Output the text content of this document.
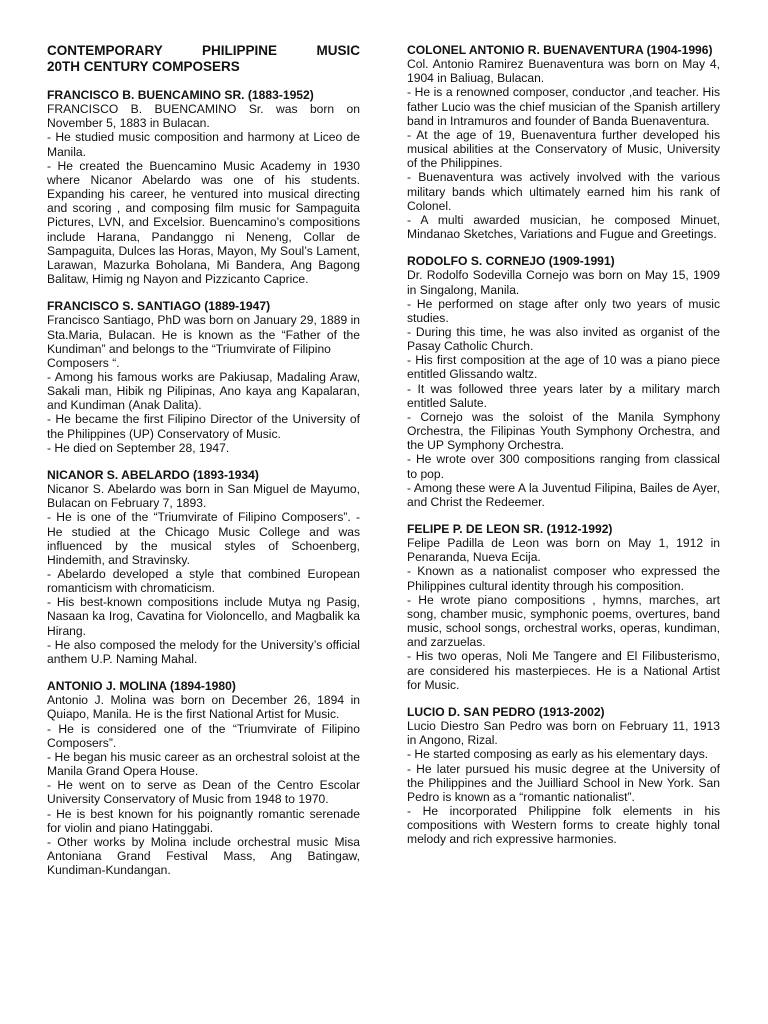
CONTEMPORARY PHILIPPINE MUSIC
20TH CENTURY COMPOSERS

FRANCISCO B. BUENCAMINO SR. (1883-1952)

FRANCISCO B. BUENCAMINO Sr. was born on November 5, 1883 in Bulacan.

- He studied music composition and harmony at Liceo de Manila.

- He created the Buencamino Music Academy in 1930 where Nicanor Abelardo was one of his students. Expanding his career, he ventured into musical directing and scoring , and composing film music for Sampaguita Pictures, LVN, and Excelsior. Buencamino’s compositions include Harana, Pandanggo ni Neneng, Collar de Sampaguita, Dulces las Horas, Mayon, My Soul’s Lament, Larawan, Mazurka Boholana, Mi Bandera, Ang Bagong Balitaw, Himig ng Nayon and Pizzicanto Caprice.

FRANCISCO S. SANTIAGO (1889-1947)

Francisco Santiago, PhD was born on January 29, 1889 in Sta.Maria, Bulacan. He is known as the “Father of the Kundiman” and belongs to the “Triumvirate of Filipino

Composers “.

- Among his famous works are Pakiusap, Madaling Araw, Sakali man, Hibik ng Pilipinas, Ano kaya ang Kapalaran, and Kundiman (Anak Dalita).

- He became the first Filipino Director of the University of the Philippines (UP) Conservatory of Music.

- He died on September 28, 1947.

NICANOR S. ABELARDO (1893-1934)

Nicanor S. Abelardo was born in San Miguel de Mayumo, Bulacan on February 7, 1893.

- He is one of the “Triumvirate of Filipino Composers”. - He studied at the Chicago Music College and was influenced by the musical styles of Schoenberg, Hindemith, and Stravinsky.

- Abelardo developed a style that combined European romanticism with chromaticism.

- His best-known compositions include Mutya ng Pasig, Nasaan ka Irog, Cavatina for Violoncello, and Magbalik ka Hirang.

- He also composed the melody for the University’s official anthem U.P. Naming Mahal.

ANTONIO J. MOLINA (1894-1980)

Antonio J. Molina was born on December 26, 1894 in Quiapo, Manila. He is the first National Artist for Music.

- He is considered one of the “Triumvirate of Filipino Composers”.

- He began his music career as an orchestral soloist at the Manila Grand Opera House.

- He went on to serve as Dean of the Centro Escolar University Conservatory of Music from 1948 to 1970.

- He is best known for his poignantly romantic serenade for violin and piano Hatinggabi.

- Other works by Molina include orchestral music Misa Antoniana Grand Festival Mass, Ang Batingaw, Kundiman-Kundangan.

COLONEL ANTONIO R. BUENAVENTURA (1904-1996)

Col. Antonio Ramirez Buenaventura was born on May 4, 1904 in Baliuag, Bulacan.

- He is a renowned composer, conductor ,and teacher. His father Lucio was the chief musician of the Spanish artillery band in Intramuros and founder of Banda Buenaventura.

- At the age of 19, Buenaventura further developed his musical abilities at the Conservatory of Music, University of the Philippines.

- Buenaventura was actively involved with the various military bands which ultimately earned him his rank of Colonel.

- A multi awarded musician, he composed Minuet, Mindanao Sketches, Variations and Fugue and Greetings.

RODOLFO S. CORNEJO (1909-1991)

Dr. Rodolfo Sodevilla Cornejo was born on May 15, 1909 in Singalong, Manila.

- He performed on stage after only two years of music studies.

- During this time, he was also invited as organist of the Pasay Catholic Church.

- His first composition at the age of 10 was a piano piece entitled Glissando waltz.

- It was followed three years later by a military march entitled Salute.

- Cornejo was the soloist of the Manila Symphony Orchestra, the Filipinas Youth Symphony Orchestra, and the UP Symphony Orchestra.

- He wrote over 300 compositions ranging from classical to pop.

- Among these were A la Juventud Filipina, Bailes de Ayer, and Christ the Redeemer.

FELIPE P. DE LEON SR. (1912-1992)

Felipe Padilla de Leon was born on May 1, 1912 in Penaranda, Nueva Ecija.

- Known as a nationalist composer who expressed the Philippines cultural identity through his composition.

- He wrote piano compositions , hymns, marches, art song, chamber music, symphonic poems, overtures, band music, school songs, orchestral works, operas, kundiman, and zarzuelas.

- His two operas, Noli Me Tangere and El Filibusterismo, are considered his masterpieces. He is a National Artist for Music.

LUCIO D. SAN PEDRO (1913-2002)

Lucio Diestro San Pedro was born on February 11, 1913 in Angono, Rizal.

- He started composing as early as his elementary days.

- He later pursued his music degree at the University of the Philippines and the Juilliard School in New York. San Pedro is known as a “romantic nationalist”.

- He incorporated Philippine folk elements in his compositions with Western forms to create highly tonal melody and rich expressive harmonies.
